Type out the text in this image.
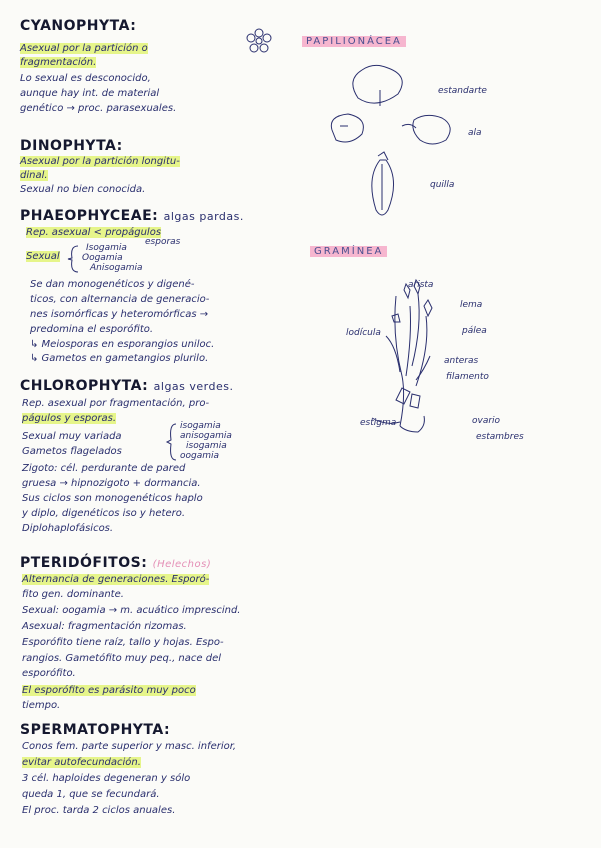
CYANOPHYTA:
Asexual por la partición o
fragmentación.
Lo sexual es desconocido,
aunque hay int. de material
genético → proc. parasexuales.
DINOPHYTA:
Asexual por la partición longitu-
dinal.
Sexual no bien conocida.
PHAEOPHYCEAE: algas pardas.
Rep. asexual < propágulos
esporas
Sexual
Isogamia
Oogamia
Anisogamia
Se dan monogenéticos y digené-
ticos, con alternancia de generacio-
nes isomórficas y heteromórficas →
predomina el esporófito.
↳ Meiosporas en esporangios uniloc.
↳ Gametos en gametangios plurilo.
CHLOROPHYTA: algas verdes.
Rep. asexual por fragmentación, pro-
págulos y esporas.
Sexual muy variada
Gametos flagelados
isogamia
anisogamia
isogamia
oogamia
Zigoto: cél. perdurante de pared
gruesa → hipnozigoto + dormancia.
Sus ciclos son monogenéticos haplo
y diplo, digenéticos iso y hetero.
Diplohaplofásicos.
PTERIDÓFITOS: (Helechos)
Alternancia de generaciones. Esporó-
fito gen. dominante.
Sexual: oogamia → m. acuático imprescind.
Asexual: fragmentación rizomas.
Esporófito tiene raíz, tallo y hojas. Espo-
rangios. Gametófito muy peq., nace del
esporófito.
El esporófito es parásito muy poco
tiempo.
SPERMATOPHYTA:
Conos fem. parte superior y masc. inferior,
evitar autofecundación.
3 cél. haploides degeneran y sólo
queda 1, que se fecundará.
El proc. tarda 2 ciclos anuales.
PAPILIONÁCEA
estandarte
ala
quilla
GRAMÍNEA
arista
lema
pálea
lodícula
anteras
filamento
estigma	ovario
estambres
